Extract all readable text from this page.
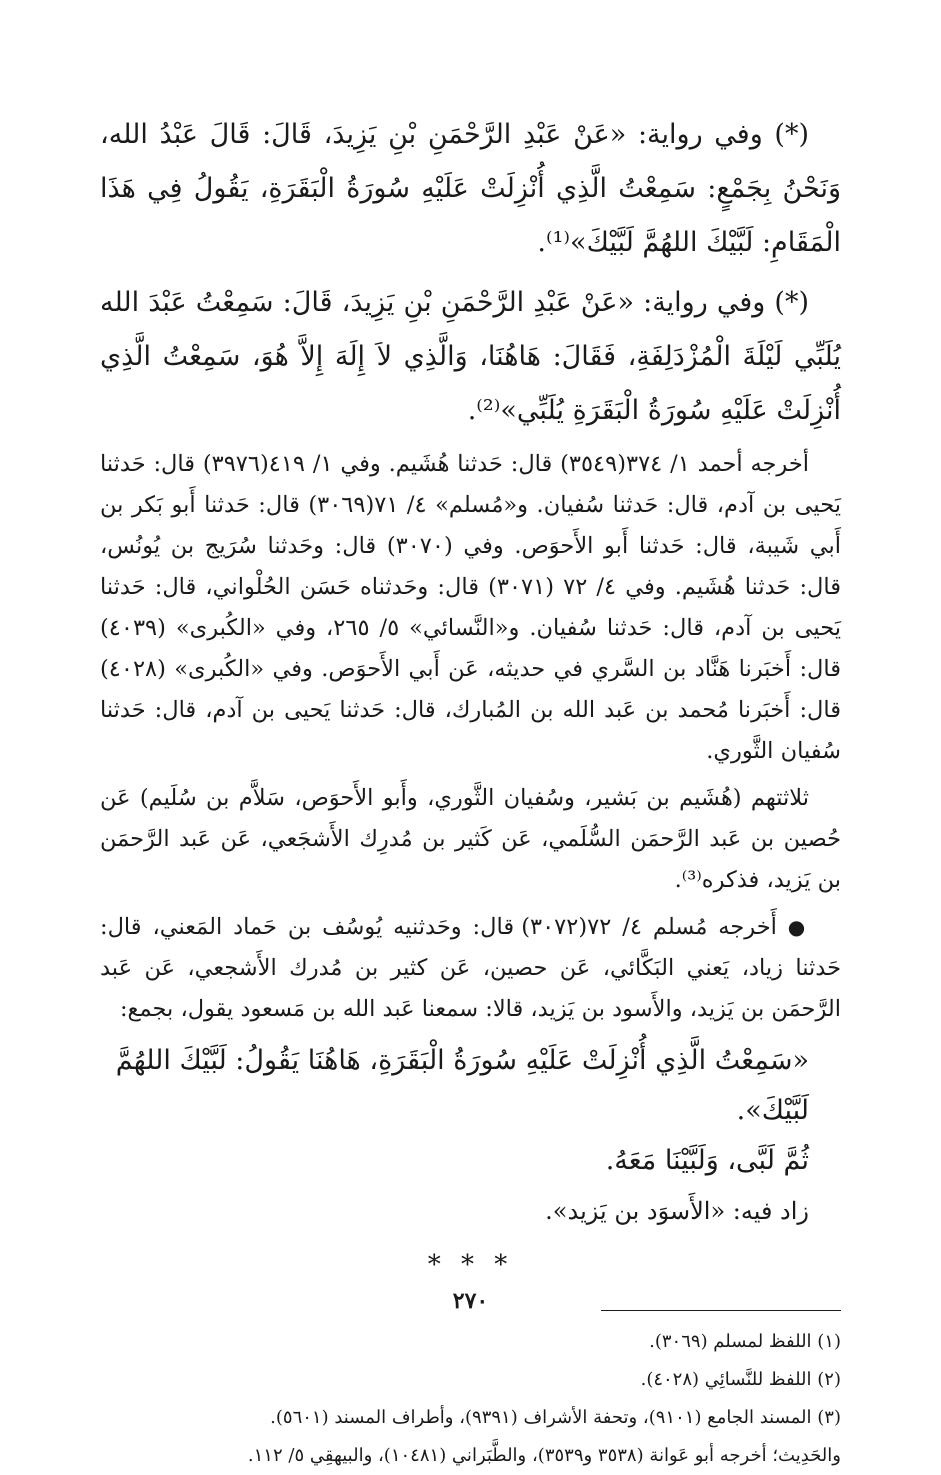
(*) وفي رواية: «عَنْ عَبْدِ الرَّحْمَنِ بْنِ يَزِيدَ، قَالَ: قَالَ عَبْدُ الله، وَنَحْنُ بِجَمْعٍ: سَمِعْتُ الَّذِي أُنْزِلَتْ عَلَيْهِ سُورَةُ الْبَقَرَةِ، يَقُولُ فِي هَذَا الْمَقَامِ: لَبَّيْكَ اللهُمَّ لَبَّيْكَ»⁽¹⁾.

(*) وفي رواية: «عَنْ عَبْدِ الرَّحْمَنِ بْنِ يَزِيدَ، قَالَ: سَمِعْتُ عَبْدَ الله يُلَبِّي لَيْلَةَ الْمُزْدَلِفَةِ، فَقَالَ: هَاهُنَا، وَالَّذِي لاَ إِلَهَ إِلاَّ هُوَ، سَمِعْتُ الَّذِي أُنْزِلَتْ عَلَيْهِ سُورَةُ الْبَقَرَةِ يُلَبِّي»⁽²⁾.

أخرجه أحمد ١/ ٣٧٤(٣٥٤٩) قال: حَدثنا هُشَيم. وفي ١/ ٤١٩(٣٩٧٦) قال: حَدثنا يَحيى بن آدم، قال: حَدثنا سُفيان. و«مُسلم» ٤/ ٧١(٣٠٦٩) قال: حَدثنا أَبو بَكر بن أَبي شَيبة، قال: حَدثنا أَبو الأَحوَص. وفي (٣٠٧٠) قال: وحَدثنا سُرَيج بن يُونُس، قال: حَدثنا هُشَيم. وفي ٤/ ٧٢ (٣٠٧١) قال: وحَدثناه حَسَن الحُلْواني، قال: حَدثنا يَحيى بن آدم، قال: حَدثنا سُفيان. و«النَّسائي» ٥/ ٢٦٥، وفي «الكُبرى» (٤٠٣٩) قال: أَخبَرنا هَنَّاد بن السَّري في حديثه، عَن أَبي الأَحوَص. وفي «الكُبرى» (٤٠٢٨) قال: أَخبَرنا مُحمد بن عَبد الله بن المُبارك، قال: حَدثنا يَحيى بن آدم، قال: حَدثنا سُفيان الثَّوري.

ثلاثتهم (هُشَيم بن بَشير، وسُفيان الثَّوري، وأَبو الأَحوَص، سَلاَّم بن سُلَيم) عَن حُصين بن عَبد الرَّحمَن السُّلَمي، عَن كَثير بن مُدرِك الأَشجَعي، عَن عَبد الرَّحمَن بن يَزيد، فذكره⁽³⁾.

● أَخرجه مُسلم ٤/ ٧٢(٣٠٧٢) قال: وحَدثنيه يُوسُف بن حَماد المَعني، قال: حَدثنا زياد، يَعني البَكَّائي، عَن حصين، عَن كثير بن مُدرك الأَشجعي، عَن عَبد الرَّحمَن بن يَزيد، والأَسود بن يَزيد، قالا: سمعنا عَبد الله بن مَسعود يقول، بجمع:

«سَمِعْتُ الَّذِي أُنْزِلَتْ عَلَيْهِ سُورَةُ الْبَقَرَةِ، هَاهُنَا يَقُولُ: لَبَّيْكَ اللهُمَّ لَبَّيْكَ».

ثُمَّ لَبَّى، وَلَبَّيْنَا مَعَهُ.

زاد فيه: «الأَسوَد بن يَزيد».

* * *

(١) اللفظ لمسلم (٣٠٦٩).

(٢) اللفظ للنَّسائِي (٤٠٢٨).

(٣) المسند الجامع (٩١٠١)، وتحفة الأشراف (٩٣٩١)، وأطراف المسند (٥٦٠١).

والحَدِيث؛ أخرجه أبو عَوانة (٣٥٣٨ و٣٥٣٩)، والطَّبَراني (١٠٤٨١)، والبيهقِي ٥/ ١١٢.

٢٧٠
